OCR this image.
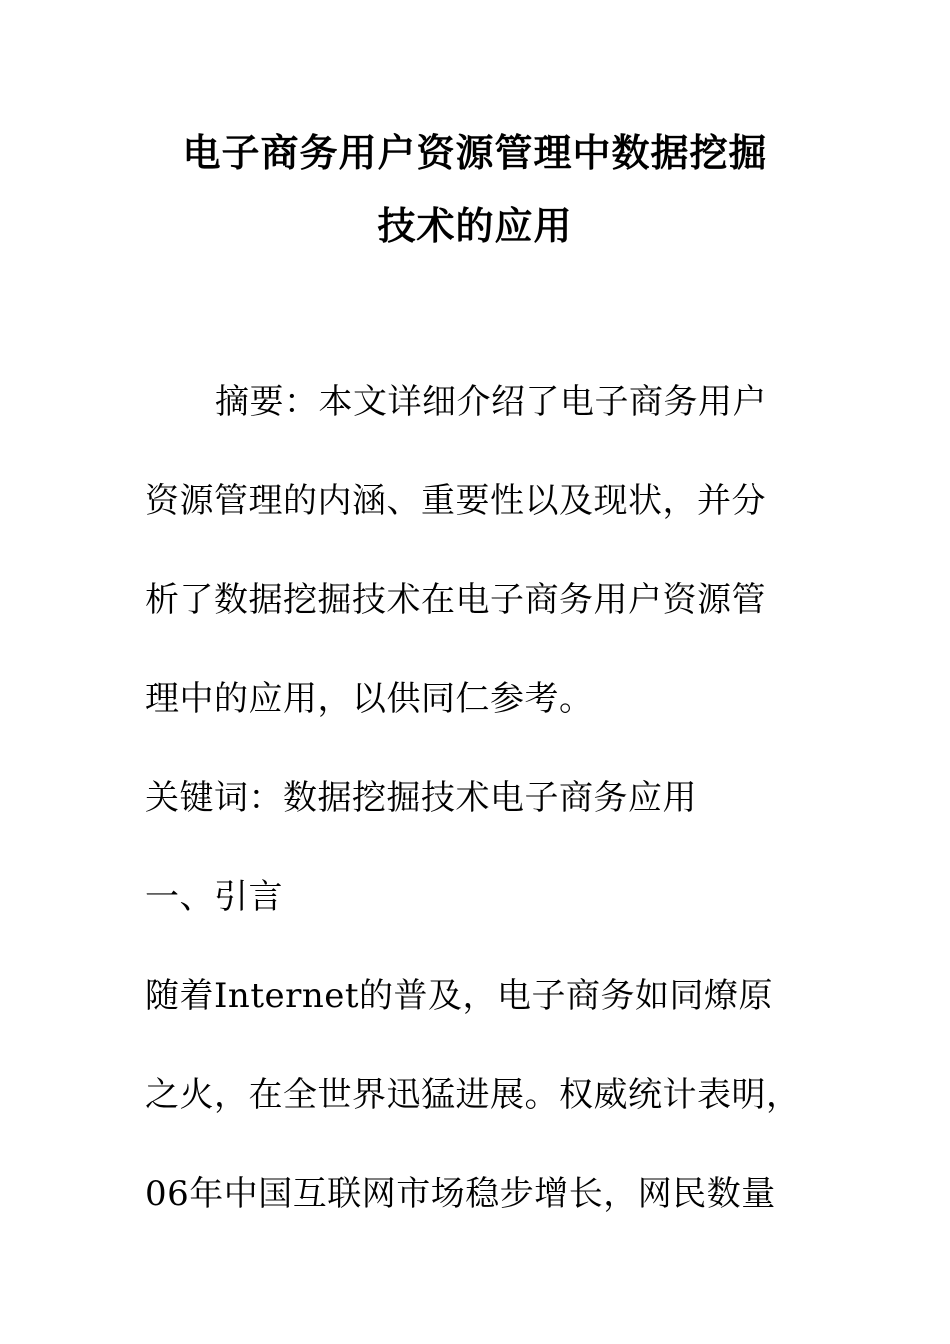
电子商务用户资源管理中数据挖掘
技术的应用
摘要：本文详细介绍了电子商务用户
资源管理的内涵、重要性以及现状，并分
析了数据挖掘技术在电子商务用户资源管
理中的应用，以供同仁参考。
关键词：数据挖掘技术电子商务应用
一、引言
随着Internet的普及，电子商务如同燎原
之火，在全世界迅猛进展。权威统计表明，
06年中国互联网市场稳步增长，网民数量
